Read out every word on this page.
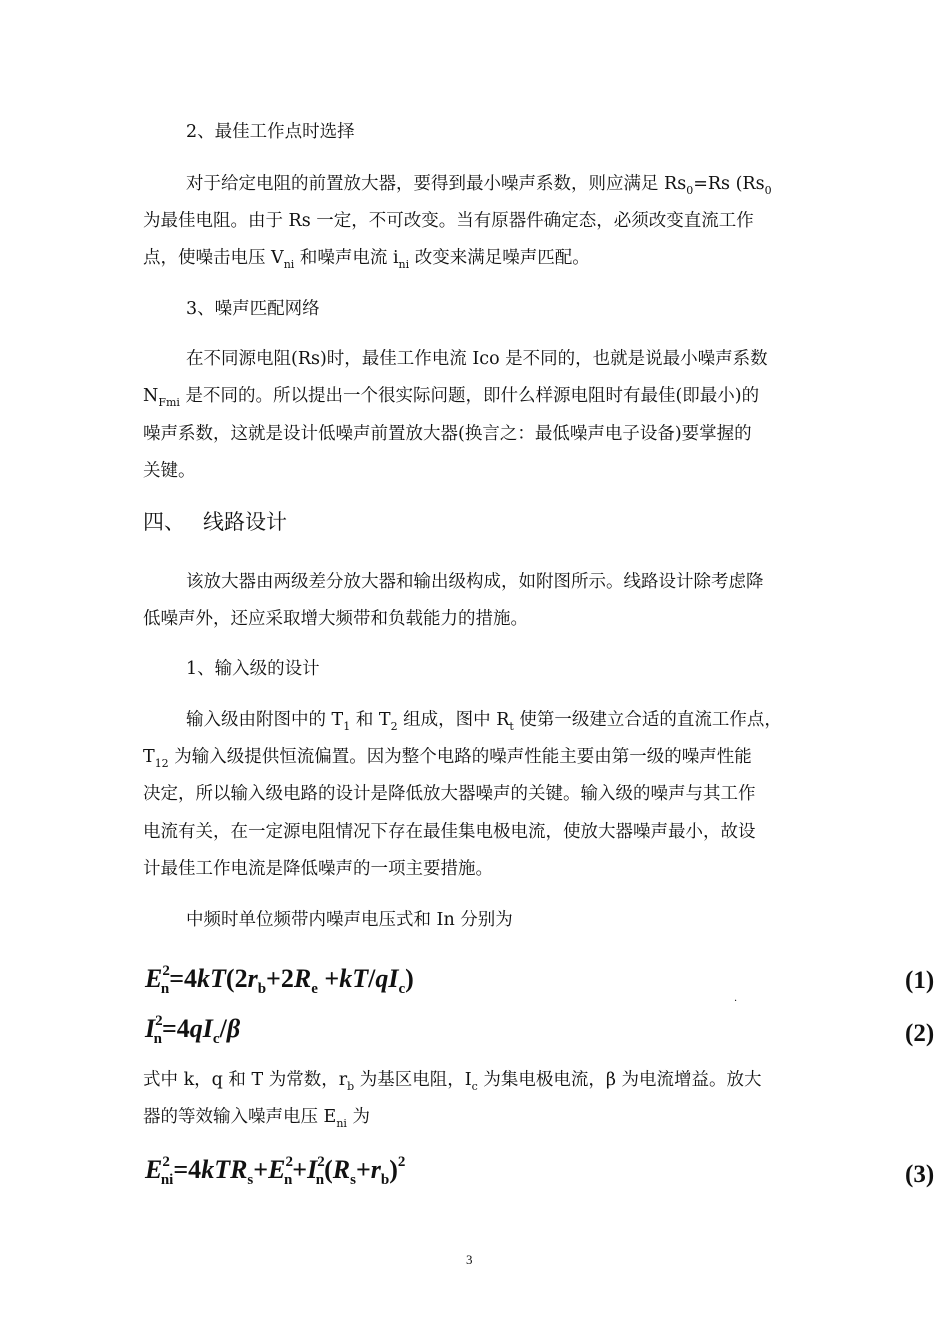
2、最佳工作点时选择
对于给定电阻的前置放大器，要得到最小噪声系数，则应满足 $Rs_0=Rs$ ($Rs_0$
为最佳电阻。由于 Rs 一定，不可改变。当有原器件确定态，必须改变直流工作
点，使噪击电压 $V_{ni}$ 和噪声电流 $i_{ni}$ 改变来满足噪声匹配。
3、噪声匹配网络
在不同源电阻(Rs)时，最佳工作电流 Ico 是不同的，也就是说最小噪声系数
$N_{Fmi}$ 是不同的。所以提出一个很实际问题，即什么样源电阻时有最佳(即最小)的
噪声系数，这就是设计低噪声前置放大器(换言之：最低噪声电子设备)要掌握的
关键。
四、 线路设计
该放大器由两级差分放大器和输出级构成，如附图所示。线路设计除考虑降
低噪声外，还应采取增大频带和负载能力的措施。
1、输入级的设计
输入级由附图中的 $T_1$ 和 $T_2$ 组成，图中 $R_t$ 使第一级建立合适的直流工作点，
$T_{12}$ 为输入级提供恒流偏置。因为整个电路的噪声性能主要由第一级的噪声性能
决定，所以输入级电路的设计是降低放大器噪声的关键。输入级的噪声与其工作
电流有关，在一定源电阻情况下存在最佳集电极电流，使放大器噪声最小，故设
计最佳工作电流是降低噪声的一项主要措施。
中频时单位频带内噪声电压式和 In 分别为
$E^2_n=4kT(2r_b+2R_e +kT/qI_c)$	(1)
·
$I^2_n=4qI_c/\beta$	(2)
式中 k，q 和 T 为常数，$r_b$ 为基区电阻，$I_c$ 为集电极电流，β 为电流增益。放大
器的等效输入噪声电压 $E_{ni}$ 为
$E^2_{ni}=4kTR_s+E^2_n+I^2_n(R_s+r_b)^2$	(3)
3
